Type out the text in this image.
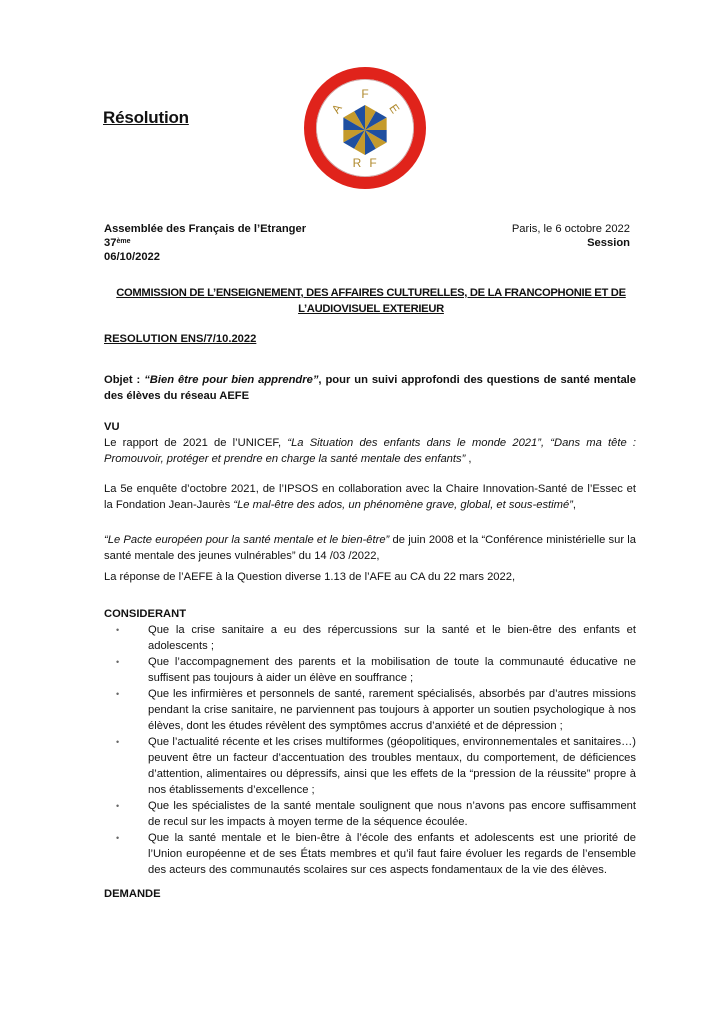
Résolution
F
A	E
R F
Assemblée des Français de l’Etranger
37ème
06/10/2022
Paris, le 6 octobre 2022
Session
COMMISSION DE L’ENSEIGNEMENT, DES AFFAIRES CULTURELLES, DE LA FRANCOPHONIE ET DE L’AUDIOVISUEL EXTERIEUR
RESOLUTION ENS/7/10.2022
Objet : “Bien être pour bien apprendre”, pour un suivi approfondi des questions de santé mentale des élèves du réseau AEFE
VU
Le rapport de 2021 de l’UNICEF, “La Situation des enfants dans le monde 2021”, “Dans ma tête : Promouvoir, protéger et prendre en charge la santé mentale des enfants” ,
La 5e enquête d’octobre 2021, de l’IPSOS en collaboration avec la Chaire Innovation-Santé de l’Essec et la Fondation Jean-Jaurès “Le mal-être des ados, un phénomène grave, global, et sous-estimé”,
“Le Pacte européen pour la santé mentale et le bien-être” de juin 2008 et la “Conférence ministérielle sur la santé mentale des jeunes vulnérables” du 14 /03 /2022,
La réponse de l’AEFE à la Question diverse 1.13 de l’AFE au CA du 22 mars 2022,
CONSIDERANT
•	Que la crise sanitaire a eu des répercussions sur la santé et le bien-être des enfants et adolescents ;
•	Que l’accompagnement des parents et la mobilisation de toute la communauté éducative ne suffisent pas toujours à aider un élève en souffrance ;
•	Que les infirmières et personnels de santé, rarement spécialisés, absorbés par d’autres missions pendant la crise sanitaire, ne parviennent pas toujours à apporter un soutien psychologique à nos élèves, dont les études révèlent des symptômes accrus d’anxiété et de dépression ;
•	Que l’actualité récente et les crises multiformes (géopolitiques, environnementales et sanitaires…) peuvent être un facteur d’accentuation des troubles mentaux, du comportement, de déficiences d’attention, alimentaires ou dépressifs, ainsi que les effets de la “pression de la réussite” propre à nos établissements d’excellence ;
•	Que les spécialistes de la santé mentale soulignent que nous n’avons pas encore suffisamment de recul sur les impacts à moyen terme de la séquence écoulée.
•	Que la santé mentale et le bien-être à l’école des enfants et adolescents est une priorité de l’Union européenne et de ses États membres et qu’il faut faire évoluer les regards de l’ensemble des acteurs des communautés scolaires sur ces aspects fondamentaux de la vie des élèves.
DEMANDE
